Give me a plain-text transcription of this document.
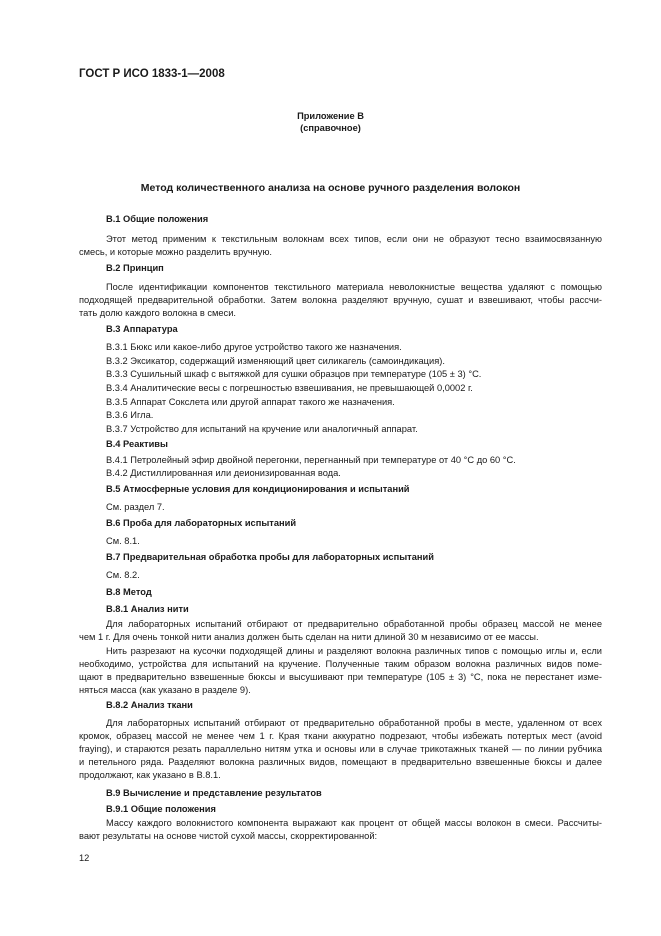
ГОСТ Р ИСО 1833-1—2008
Приложение В
(справочное)
Метод количественного анализа на основе ручного разделения волокон
В.1 Общие положения
Этот метод применим к текстильным волокнам всех типов, если они не образуют тесно взаимосвязанную
смесь, и которые можно разделить вручную.
В.2 Принцип
После идентификации компонентов текстильного материала неволокнистые вещества удаляют с помощью
подходящей предварительной обработки. Затем волокна разделяют вручную, сушат и взвешивают, чтобы рассчи-
тать долю каждого волокна в смеси.
В.3 Аппаратура
В.3.1 Бюкс или какое-либо другое устройство такого же назначения.
В.3.2 Эксикатор, содержащий изменяющий цвет силикагель (самоиндикация).
В.3.3 Сушильный шкаф с вытяжкой для сушки образцов при температуре (105 ± 3) °С.
В.3.4 Аналитические весы с погрешностью взвешивания, не превышающей 0,0002 г.
В.3.5 Аппарат Сокслета или другой аппарат такого же назначения.
В.3.6 Игла.
В.3.7 Устройство для испытаний на кручение или аналогичный аппарат.
В.4 Реактивы
В.4.1 Петролейный эфир двойной перегонки, перегнанный при температуре от 40 °С до 60 °С.
В.4.2 Дистиллированная или деионизированная вода.
В.5 Атмосферные условия для кондиционирования и испытаний
См. раздел 7.
В.6 Проба для лабораторных испытаний
См. 8.1.
В.7 Предварительная обработка пробы для лабораторных испытаний
См. 8.2.
В.8 Метод
В.8.1 Анализ нити
Для лабораторных испытаний отбирают от предварительно обработанной пробы образец массой не менее
чем 1 г. Для очень тонкой нити анализ должен быть сделан на нити длиной 30 м независимо от ее массы.
Нить разрезают на кусочки подходящей длины и разделяют волокна различных типов с помощью иглы и, если
необходимо, устройства для испытаний на кручение. Полученные таким образом волокна различных видов поме-
щают в предварительно взвешенные бюксы и высушивают при температуре (105 ± 3) °С, пока не перестанет изме-
няться масса (как указано в разделе 9).
В.8.2 Анализ ткани
Для лабораторных испытаний отбирают от предварительно обработанной пробы в месте, удаленном от всех
кромок, образец массой не менее чем 1 г. Края ткани аккуратно подрезают, чтобы избежать потертых мест (avoid
fraying), и стараются резать параллельно нитям утка и основы или в случае трикотажных тканей — по линии рубчика
и петельного ряда. Разделяют волокна различных видов, помещают в предварительно взвешенные бюксы и далее
продолжают, как указано в В.8.1.
В.9 Вычисление и представление результатов
В.9.1 Общие положения
Массу каждого волокнистого компонента выражают как процент от общей массы волокон в смеси. Рассчиты-
вают результаты на основе чистой сухой массы, скорректированной:
12
